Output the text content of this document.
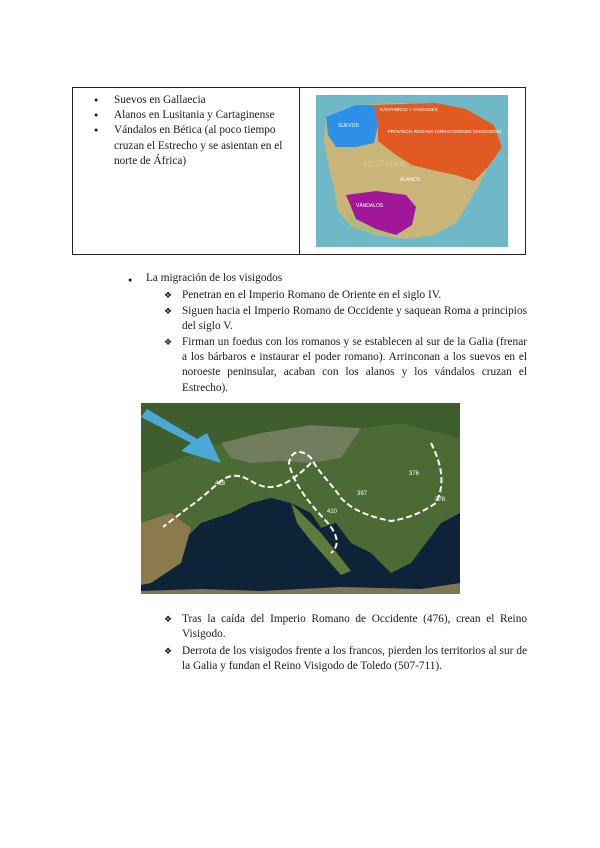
● Suevos en Gallaecia
● Alanos en Lusitania y Cartaginense
● Vándalos en Bética (al poco tiempo cruzan el Estrecho y se asientan en el norte de África)
SUEVOS
CÁNTABROS Y VASCONES
PROVINCIA ROMANA TARRACONENSE (VISIGODOS)
HISPANIA
ALANOS
VÁNDALOS
● La migración de los visigodos
❖ Penetran en el Imperio Romano de Oriente en el siglo IV.
❖ Siguen hacia el Imperio Romano de Occidente y saquean Roma a principios del siglo V.
❖ Firman un foedus con los romanos y se establecen al sur de la Galia (frenar a los bárbaros e instaurar el poder romano). Arrinconan a los suevos en el noroeste peninsular, acaban con los alanos y los vándalos cruzan el Estrecho).
418
410
397
376
378
❖ Tras la caída del Imperio Romano de Occidente (476), crean el Reino Visigodo.
❖ Derrota de los visigodos frente a los francos, pierden los territorios al sur de la Galia y fundan el Reino Visigodo de Toledo (507-711).
